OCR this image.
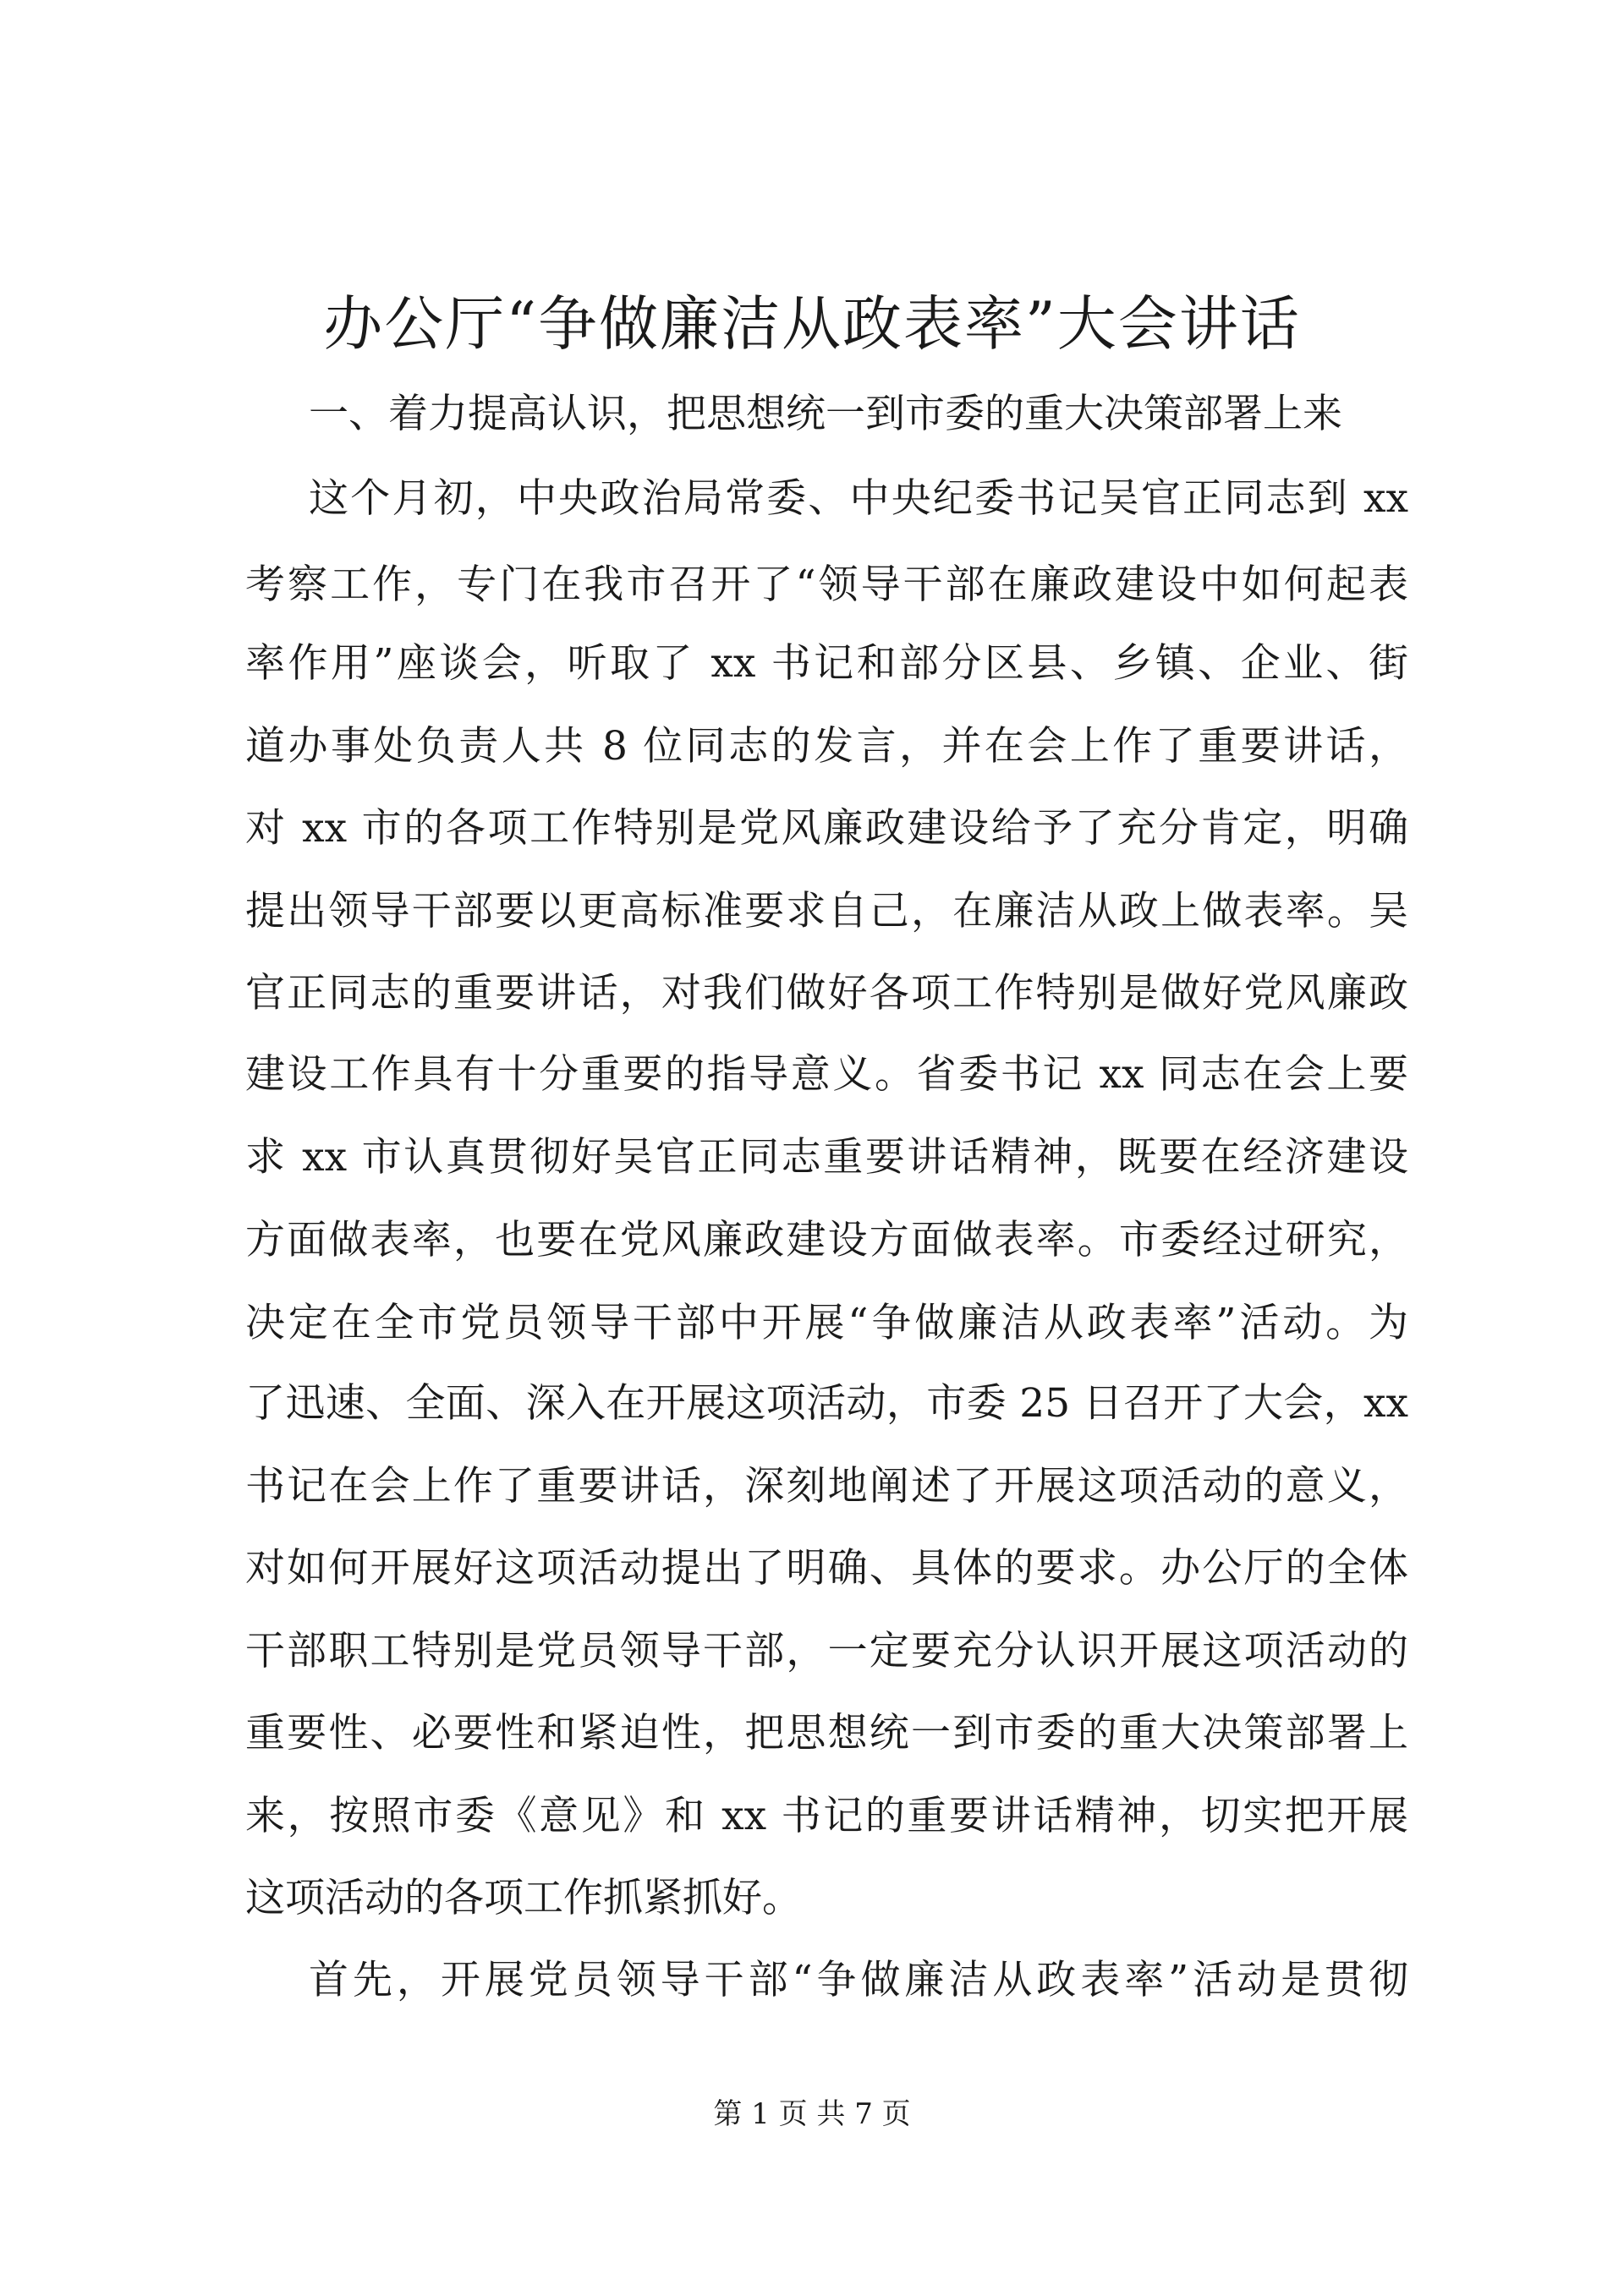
办公厅“争做廉洁从政表率”大会讲话
一、着力提高认识，把思想统一到市委的重大决策部署上来
这个月初，中央政治局常委、中央纪委书记吴官正同志到 xx
考察工作，专门在我市召开了“领导干部在廉政建设中如何起表
率作用”座谈会，听取了 xx 书记和部分区县、乡镇、企业、街
道办事处负责人共 8 位同志的发言，并在会上作了重要讲话，
对 xx 市的各项工作特别是党风廉政建设给予了充分肯定，明确
提出领导干部要以更高标准要求自己，在廉洁从政上做表率。吴
官正同志的重要讲话，对我们做好各项工作特别是做好党风廉政
建设工作具有十分重要的指导意义。省委书记 xx 同志在会上要
求 xx 市认真贯彻好吴官正同志重要讲话精神，既要在经济建设
方面做表率，也要在党风廉政建设方面做表率。市委经过研究，
决定在全市党员领导干部中开展“争做廉洁从政表率”活动。为
了迅速、全面、深入在开展这项活动，市委 25 日召开了大会，xx
书记在会上作了重要讲话，深刻地阐述了开展这项活动的意义，
对如何开展好这项活动提出了明确、具体的要求。办公厅的全体
干部职工特别是党员领导干部，一定要充分认识开展这项活动的
重要性、必要性和紧迫性，把思想统一到市委的重大决策部署上
来，按照市委《意见》和 xx 书记的重要讲话精神，切实把开展
这项活动的各项工作抓紧抓好。
首先，开展党员领导干部“争做廉洁从政表率”活动是贯彻
第 1 页 共 7 页
